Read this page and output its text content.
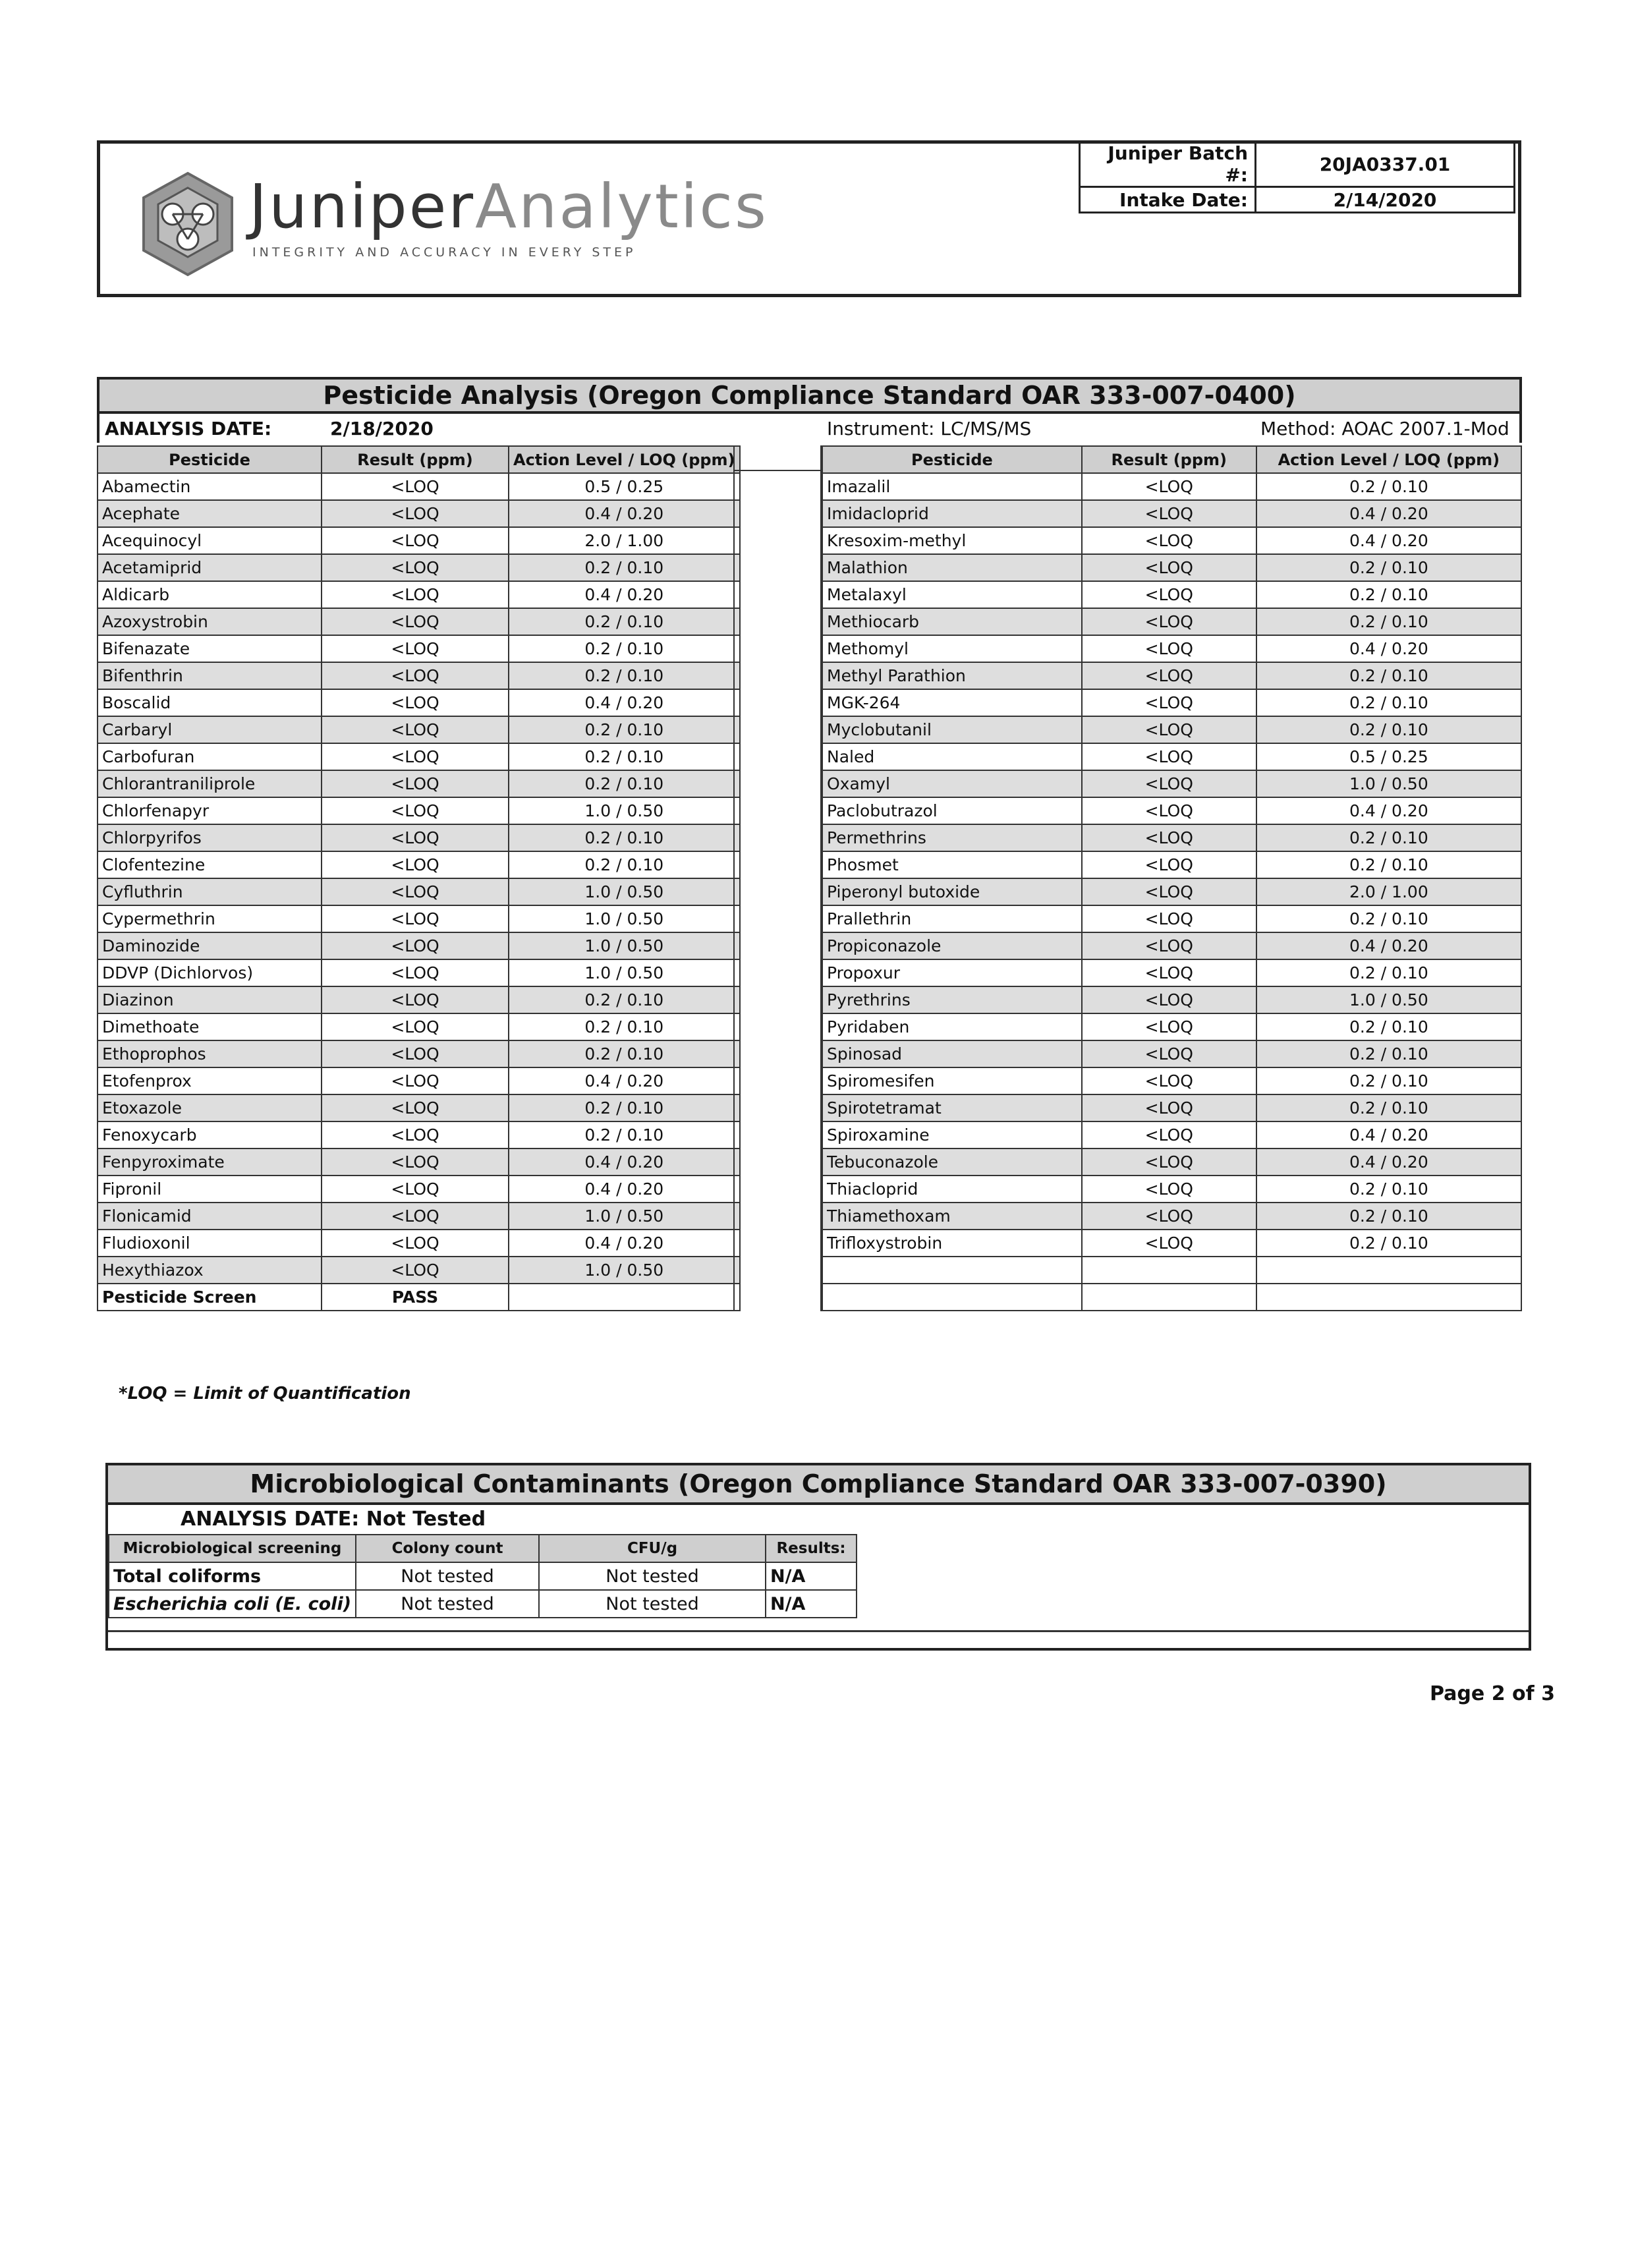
JuniperAnalytics
INTEGRITY AND ACCURACY IN EVERY STEP
Juniper Batch #:	20JA0337.01
Intake Date:	2/14/2020
Pesticide Analysis (Oregon Compliance Standard OAR 333-007-0400)
ANALYSIS DATE:	2/18/2020	Instrument: LC/MS/MS	Method: AOAC 2007.1-Mod
Pesticide	Result (ppm)	Action Level / LOQ (ppm)
Abamectin	<LOQ	0.5 / 0.25
Acephate	<LOQ	0.4 / 0.20
Acequinocyl	<LOQ	2.0 / 1.00
Acetamiprid	<LOQ	0.2 / 0.10
Aldicarb	<LOQ	0.4 / 0.20
Azoxystrobin	<LOQ	0.2 / 0.10
Bifenazate	<LOQ	0.2 / 0.10
Bifenthrin	<LOQ	0.2 / 0.10
Boscalid	<LOQ	0.4 / 0.20
Carbaryl	<LOQ	0.2 / 0.10
Carbofuran	<LOQ	0.2 / 0.10
Chlorantraniliprole	<LOQ	0.2 / 0.10
Chlorfenapyr	<LOQ	1.0 / 0.50
Chlorpyrifos	<LOQ	0.2 / 0.10
Clofentezine	<LOQ	0.2 / 0.10
Cyfluthrin	<LOQ	1.0 / 0.50
Cypermethrin	<LOQ	1.0 / 0.50
Daminozide	<LOQ	1.0 / 0.50
DDVP (Dichlorvos)	<LOQ	1.0 / 0.50
Diazinon	<LOQ	0.2 / 0.10
Dimethoate	<LOQ	0.2 / 0.10
Ethoprophos	<LOQ	0.2 / 0.10
Etofenprox	<LOQ	0.4 / 0.20
Etoxazole	<LOQ	0.2 / 0.10
Fenoxycarb	<LOQ	0.2 / 0.10
Fenpyroximate	<LOQ	0.4 / 0.20
Fipronil	<LOQ	0.4 / 0.20
Flonicamid	<LOQ	1.0 / 0.50
Fludioxonil	<LOQ	0.4 / 0.20
Hexythiazox	<LOQ	1.0 / 0.50
Pesticide Screen	PASS	
Pesticide	Result (ppm)	Action Level / LOQ (ppm)
Imazalil	<LOQ	0.2 / 0.10
Imidacloprid	<LOQ	0.4 / 0.20
Kresoxim-methyl	<LOQ	0.4 / 0.20
Malathion	<LOQ	0.2 / 0.10
Metalaxyl	<LOQ	0.2 / 0.10
Methiocarb	<LOQ	0.2 / 0.10
Methomyl	<LOQ	0.4 / 0.20
Methyl Parathion	<LOQ	0.2 / 0.10
MGK-264	<LOQ	0.2 / 0.10
Myclobutanil	<LOQ	0.2 / 0.10
Naled	<LOQ	0.5 / 0.25
Oxamyl	<LOQ	1.0 / 0.50
Paclobutrazol	<LOQ	0.4 / 0.20
Permethrins	<LOQ	0.2 / 0.10
Phosmet	<LOQ	0.2 / 0.10
Piperonyl butoxide	<LOQ	2.0 / 1.00
Prallethrin	<LOQ	0.2 / 0.10
Propiconazole	<LOQ	0.4 / 0.20
Propoxur	<LOQ	0.2 / 0.10
Pyrethrins	<LOQ	1.0 / 0.50
Pyridaben	<LOQ	0.2 / 0.10
Spinosad	<LOQ	0.2 / 0.10
Spiromesifen	<LOQ	0.2 / 0.10
Spirotetramat	<LOQ	0.2 / 0.10
Spiroxamine	<LOQ	0.4 / 0.20
Tebuconazole	<LOQ	0.4 / 0.20
Thiacloprid	<LOQ	0.2 / 0.10
Thiamethoxam	<LOQ	0.2 / 0.10
Trifloxystrobin	<LOQ	0.2 / 0.10

*LOQ = Limit of Quantification
Microbiological Contaminants (Oregon Compliance Standard OAR 333-007-0390)
ANALYSIS DATE: Not Tested
Microbiological screening	Colony count	CFU/g	Results:
Total coliforms	Not tested	Not tested	N/A
Escherichia coli (E. coli)	Not tested	Not tested	N/A
Page 2 of 3
